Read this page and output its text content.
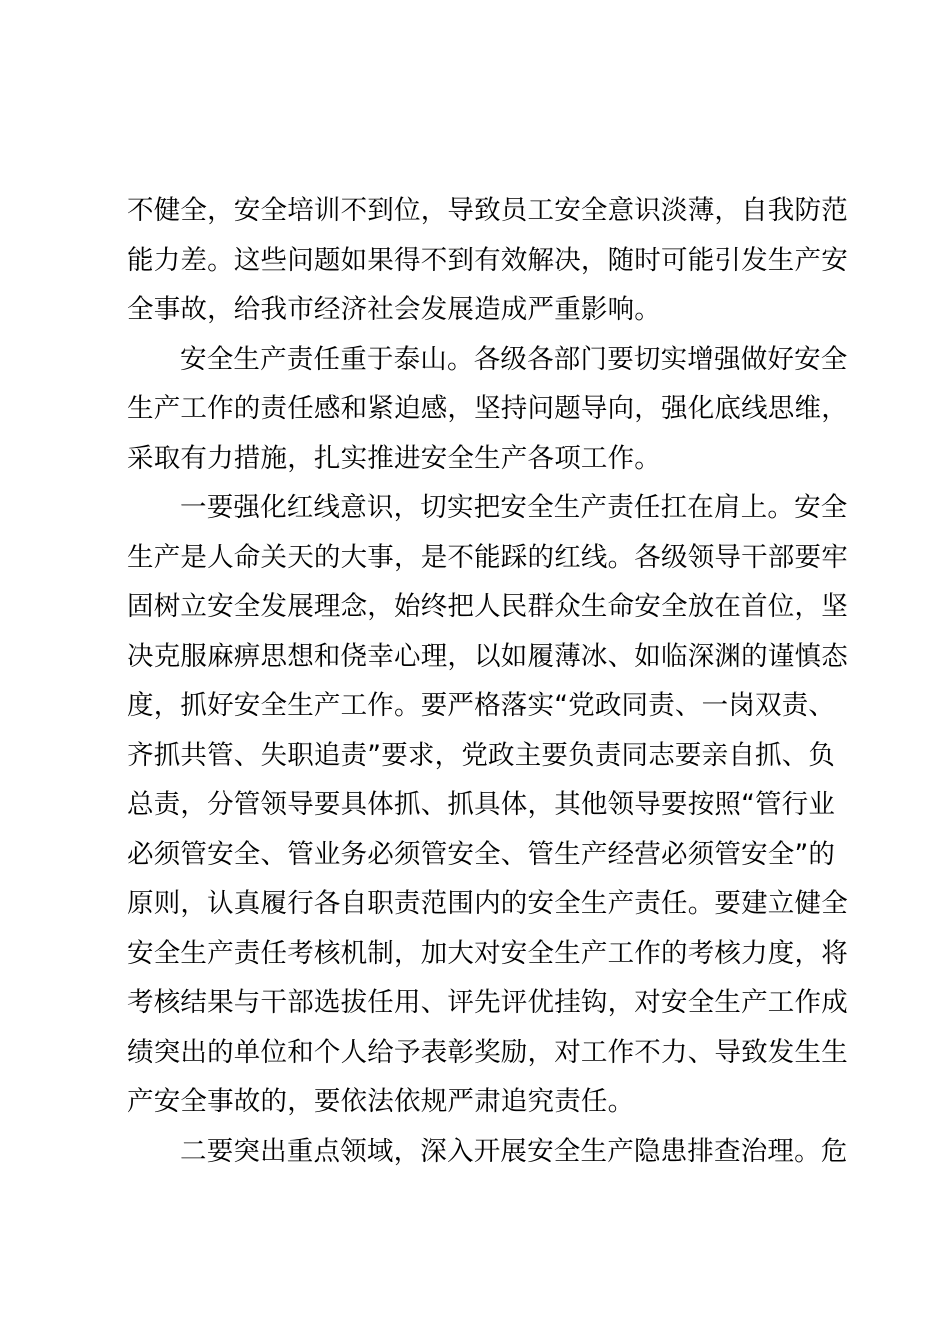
不健全，安全培训不到位，导致员工安全意识淡薄，自我防范
能力差。这些问题如果得不到有效解决，随时可能引发生产安
全事故，给我市经济社会发展造成严重影响。
安全生产责任重于泰山。各级各部门要切实增强做好安全
生产工作的责任感和紧迫感，坚持问题导向，强化底线思维，
采取有力措施，扎实推进安全生产各项工作。
一要强化红线意识，切实把安全生产责任扛在肩上。安全
生产是人命关天的大事，是不能踩的红线。各级领导干部要牢
固树立安全发展理念，始终把人民群众生命安全放在首位，坚
决克服麻痹思想和侥幸心理，以如履薄冰、如临深渊的谨慎态
度，抓好安全生产工作。要严格落实“党政同责、一岗双责、
齐抓共管、失职追责”要求，党政主要负责同志要亲自抓、负
总责，分管领导要具体抓、抓具体，其他领导要按照“管行业
必须管安全、管业务必须管安全、管生产经营必须管安全”的
原则，认真履行各自职责范围内的安全生产责任。要建立健全
安全生产责任考核机制，加大对安全生产工作的考核力度，将
考核结果与干部选拔任用、评先评优挂钩，对安全生产工作成
绩突出的单位和个人给予表彰奖励，对工作不力、导致发生生
产安全事故的，要依法依规严肃追究责任。
二要突出重点领域，深入开展安全生产隐患排查治理。危
